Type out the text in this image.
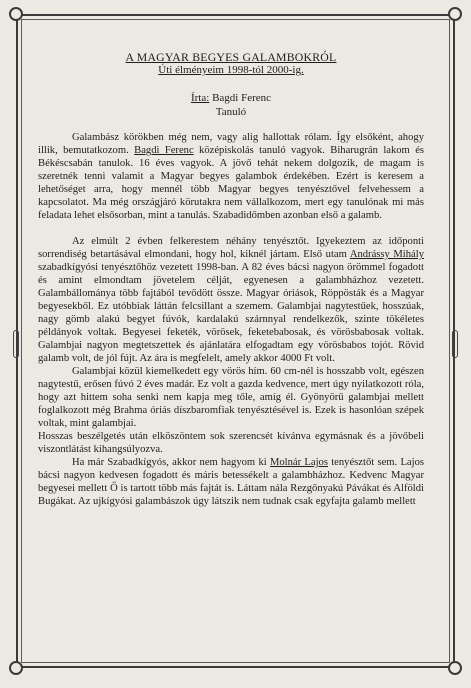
A MAGYAR BEGYES GALAMBOKRÓL
Úti élményeim 1998-tól 2000-ig.
Írta: Bagdi Ferenc
Tanuló

Galambász körökben még nem, vagy alig hallottak rólam. Így elsőként, ahogy illik, bemutatkozom. Bagdi Ferenc középiskolás tanuló vagyok. Biharugrán lakom és Békéscsabán tanulok. 16 éves vagyok. A jövő tehát nekem dolgozik, de magam is szeretnék tenni valamit a Magyar begyes galambok érdekében. Ezért is keresem a lehetőséget arra, hogy mennél több Magyar begyes tenyésztővel felvehessem a kapcsolatot. Ma még országjáró körutakra nem vállalkozom, mert egy tanulónak mi más feladata lehet elsősorban, mint a tanulás. Szabadidőmben azonban első a galamb.

Az elmúlt 2 évben felkerestem néhány tenyésztőt. Igyekeztem az időponti sorrendiség betartásával elmondani, hogy hol, kiknél jártam. Első utam Andrássy Mihály szabadkígyósi tenyésztőhöz vezetett 1998-ban. A 82 éves bácsi nagyon örömmel fogadott és amint elmondtam jövetelem célját, egyenesen a galambházhoz vezetett. Galambállománya több fajtából tevődött össze. Magyar óriások, Röppösták és a Magyar begyesekből. Ez utóbbiak láttán felcsillant a szemem. Galambjai nagytestűek, hosszúak, nagy gömb alakú begyet fúvók, kardalakú szárnnyal rendelkezők, szinte tökéletes példányok voltak. Begyesei feketék, vörösek, feketebabosak, és vörösbabosak voltak. Galambjai nagyon megtetszettek és ajánlatára elfogadtam egy vörösbabos tojót. Rövid galamb volt, de jól fújt. Az ára is megfelelt, amely akkor 4000 Ft volt.

Galambjai közül kiemelkedett egy vörös hím. 60 cm-nél is hosszabb volt, egészen nagytestű, erősen fúvó 2 éves madár. Ez volt a gazda kedvence, mert úgy nyilatkozott róla, hogy azt hittem soha senki nem kapja meg tőle, amíg él. Gyönyörű galambjai mellett foglalkozott még Brahma óriás díszbaromfiak tenyésztésével is. Ezek is hasonlóan szépek voltak, mint galambjai.

Hosszas beszélgetés után elköszöntem sok szerencsét kívánva egymásnak és a jövőbeli viszontlátást kihangsúlyozva.

Ha már Szabadkígyós, akkor nem hagyom ki Molnár Lajos tenyésztőt sem. Lajos bácsi nagyon kedvesen fogadott és máris betessékelt a galambházhoz. Kedvenc Magyar begyesei mellett Ő is tartott több más fajtát is. Láttam nála Rezgőnyakú Pávákat és Alföldi Bugákat. Az ujkígyósi galambászok úgy látszik nem tudnak csak egyfajta galamb mellett
